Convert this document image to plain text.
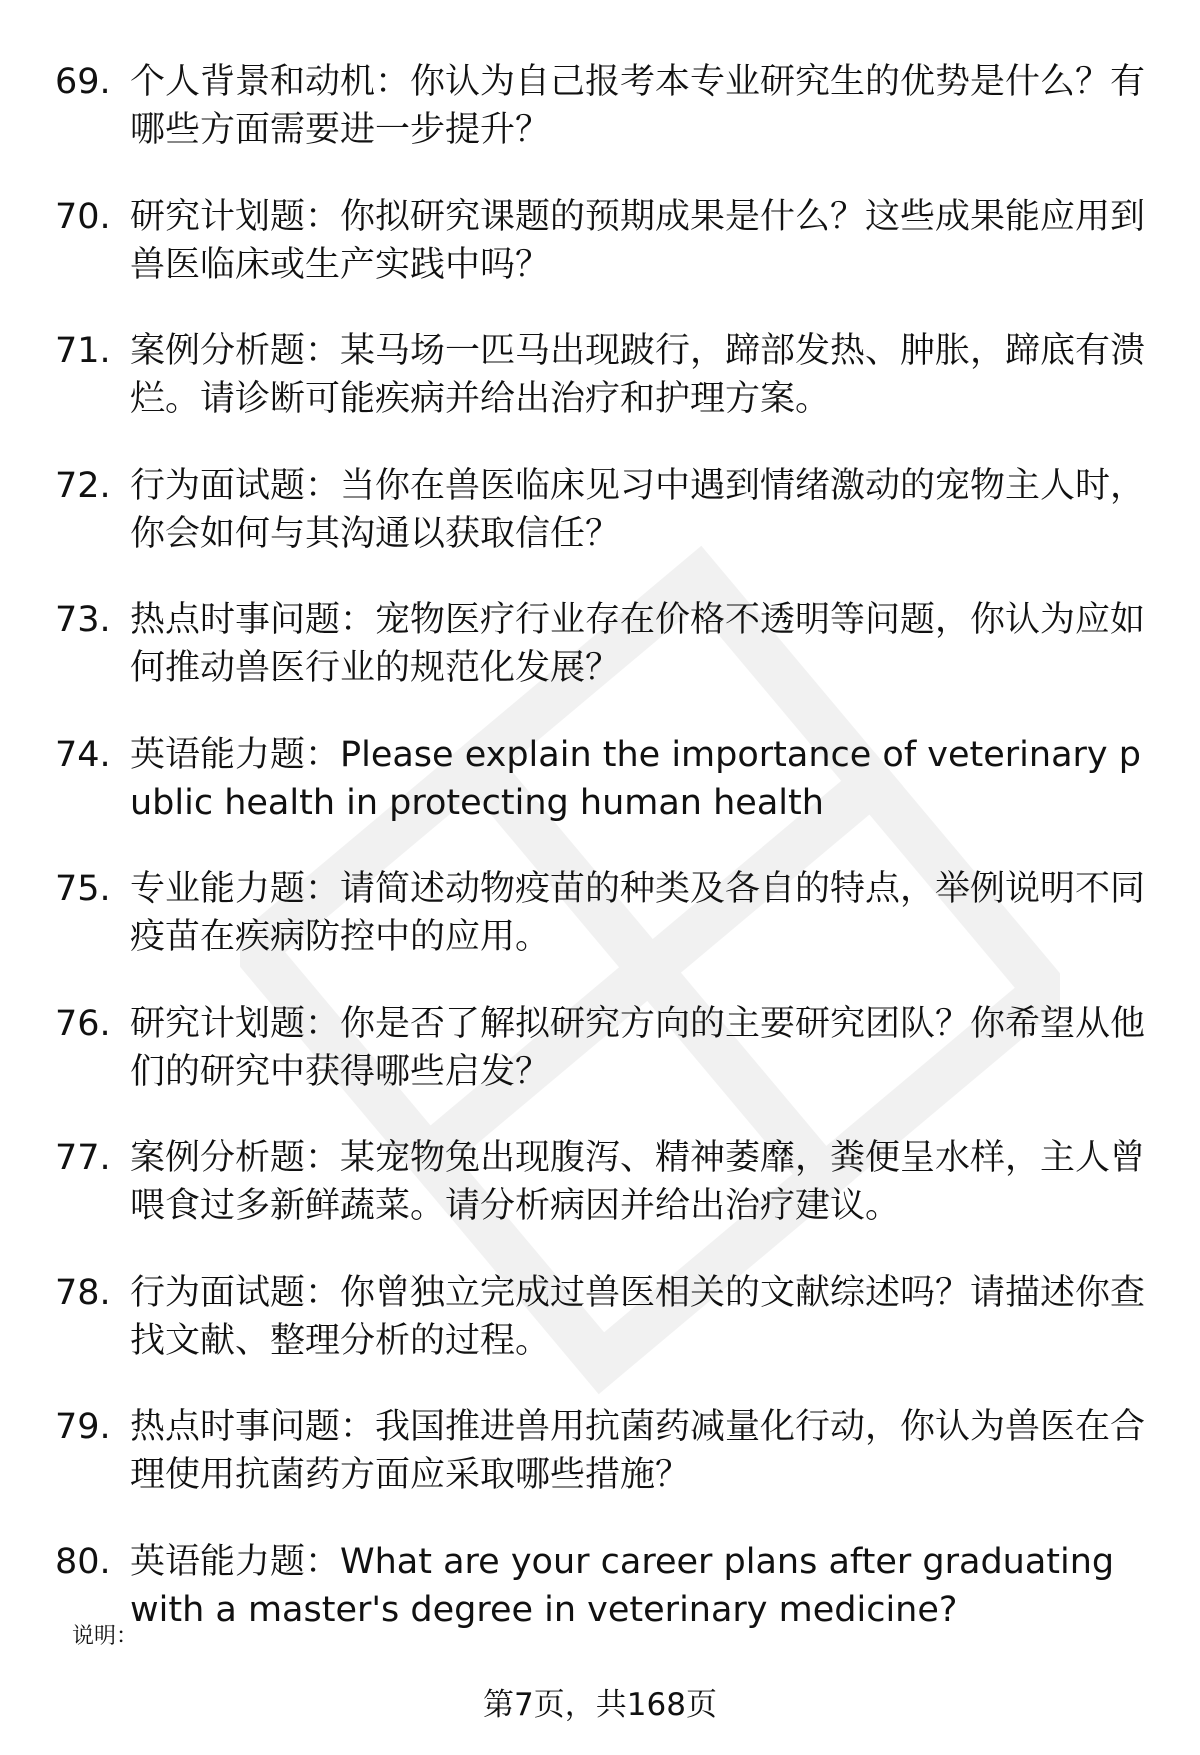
69. 个人背景和动机：你认为自己报考本专业研究生的优势是什么？有哪些方面需要进一步提升？
70. 研究计划题：你拟研究课题的预期成果是什么？这些成果能应用到兽医临床或生产实践中吗？
71. 案例分析题：某马场一匹马出现跛行，蹄部发热、肿胀，蹄底有溃烂。请诊断可能疾病并给出治疗和护理方案。
72. 行为面试题：当你在兽医临床见习中遇到情绪激动的宠物主人时，你会如何与其沟通以获取信任？
73. 热点时事问题：宠物医疗行业存在价格不透明等问题，你认为应如何推动兽医行业的规范化发展？
74. 英语能力题：Please explain the importance of veterinary public health in protecting human health
75. 专业能力题：请简述动物疫苗的种类及各自的特点，举例说明不同疫苗在疾病防控中的应用。
76. 研究计划题：你是否了解拟研究方向的主要研究团队？你希望从他们的研究中获得哪些启发？
77. 案例分析题：某宠物兔出现腹泻、精神萎靡，粪便呈水样，主人曾喂食过多新鲜蔬菜。请分析病因并给出治疗建议。
78. 行为面试题：你曾独立完成过兽医相关的文献综述吗？请描述你查找文献、整理分析的过程。
79. 热点时事问题：我国推进兽用抗菌药减量化行动，你认为兽医在合理使用抗菌药方面应采取哪些措施？
80. 英语能力题：What are your career plans after graduating with a master's degree in veterinary medicine?
说明：
第7页，共168页
